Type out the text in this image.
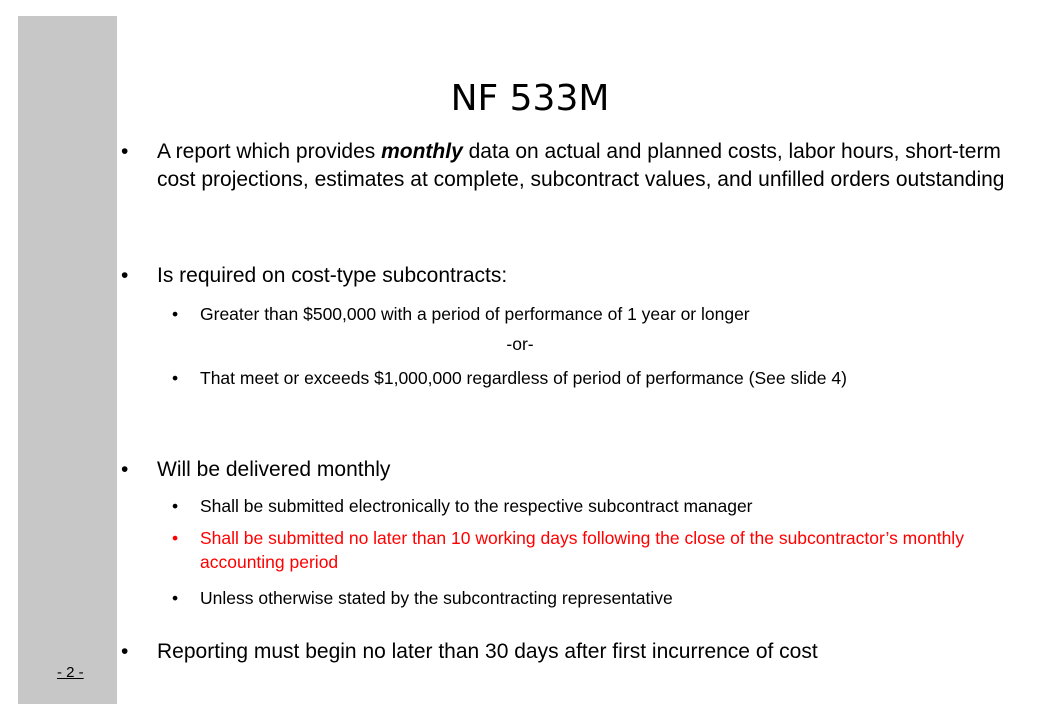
- 2 -
NF 533M
• A report which provides monthly data on actual and planned costs, labor hours, short-term cost projections, estimates at complete, subcontract values, and unfilled orders outstanding
• Is required on cost-type subcontracts:
• Greater than $500,000 with a period of performance of 1 year or longer
-or-
• That meet or exceeds $1,000,000 regardless of period of performance (See slide 4)
• Will be delivered monthly
• Shall be submitted electronically to the respective subcontract manager
• Shall be submitted no later than 10 working days following the close of the subcontractor’s monthly accounting period
• Unless otherwise stated by the subcontracting representative
• Reporting must begin no later than 30 days after first incurrence of cost
